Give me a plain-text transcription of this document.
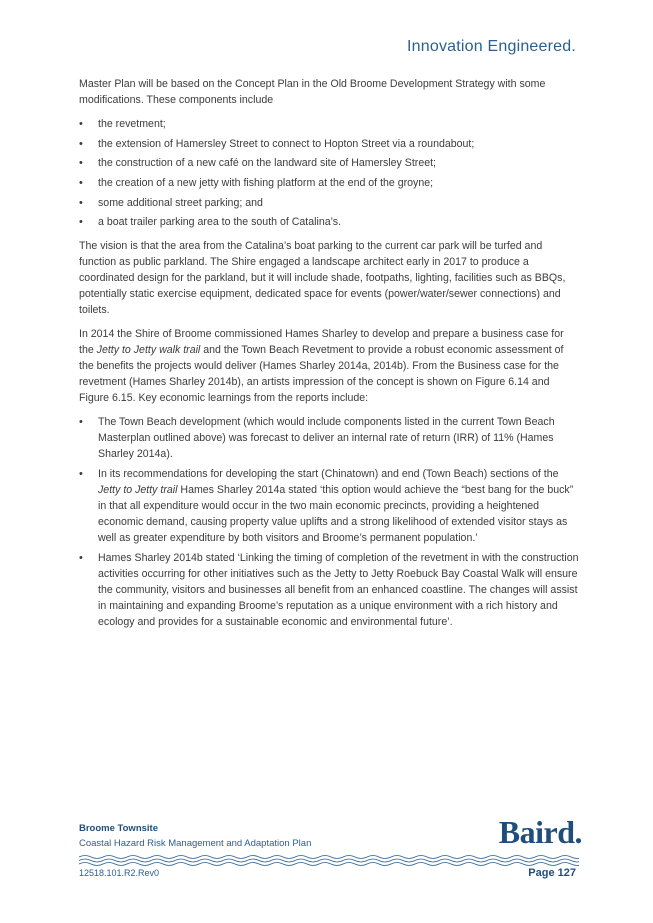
Innovation Engineered.

Master Plan will be based on the Concept Plan in the Old Broome Development Strategy with some modifications. These components include

• the revetment;
• the extension of Hamersley Street to connect to Hopton Street via a roundabout;
• the construction of a new café on the landward site of Hamersley Street;
• the creation of a new jetty with fishing platform at the end of the groyne;
• some additional street parking; and
• a boat trailer parking area to the south of Catalina’s.

The vision is that the area from the Catalina’s boat parking to the current car park will be turfed and function as public parkland. The Shire engaged a landscape architect early in 2017 to produce a coordinated design for the parkland, but it will include shade, footpaths, lighting, facilities such as BBQs, potentially static exercise equipment, dedicated space for events (power/water/sewer connections) and toilets.

In 2014 the Shire of Broome commissioned Hames Sharley to develop and prepare a business case for the Jetty to Jetty walk trail and the Town Beach Revetment to provide a robust economic assessment of the benefits the projects would deliver (Hames Sharley 2014a, 2014b). From the Business case for the revetment (Hames Sharley 2014b), an artists impression of the concept is shown on Figure 6.14 and Figure 6.15. Key economic learnings from the reports include:

• The Town Beach development (which would include components listed in the current Town Beach Masterplan outlined above) was forecast to deliver an internal rate of return (IRR) of 11% (Hames Sharley 2014a).
• In its recommendations for developing the start (Chinatown) and end (Town Beach) sections of the Jetty to Jetty trail Hames Sharley 2014a stated ‘this option would achieve the “best bang for the buck” in that all expenditure would occur in the two main economic precincts, providing a heightened economic demand, causing property value uplifts and a strong likelihood of extended visitor stays as well as greater expenditure by both visitors and Broome’s permanent population.’
• Hames Sharley 2014b stated ‘Linking the timing of completion of the revetment in with the construction activities occurring for other initiatives such as the Jetty to Jetty Roebuck Bay Coastal Walk will ensure the community, visitors and businesses all benefit from an enhanced coastline. The changes will assist in maintaining and expanding Broome’s reputation as a unique environment with a rich history and ecology and provides for a sustainable economic and environmental future’.
Broome Townsite
Coastal Hazard Risk Management and Adaptation Plan	Baird.
12518.101.R2.Rev0	Page 127
